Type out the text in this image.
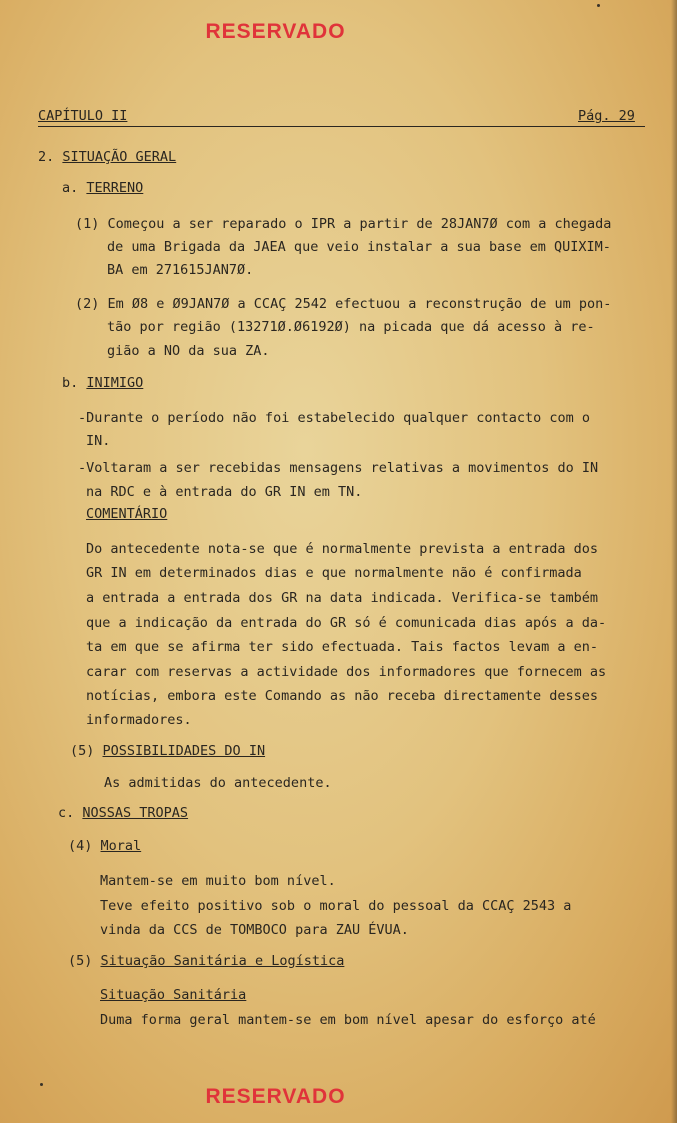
RESERVADO
CAPÍTULO II	Pág. 29
2. SITUAÇÃO GERAL
a. TERRENO
(1) Começou a ser reparado o IPR a partir de 28JAN7Ø com a chegada
de uma Brigada da JAEA que veio instalar a sua base em QUIXIM-
BA em 271615JAN7Ø.
(2) Em Ø8 e Ø9JAN7Ø a CCAÇ 2542 efectuou a reconstrução de um pon-
tão por região (13271Ø.Ø6192Ø) na picada que dá acesso à re-
gião a NO da sua ZA.
b. INIMIGO
-Durante o período não foi estabelecido qualquer contacto com o
IN.
-Voltaram a ser recebidas mensagens relativas a movimentos do IN
na RDC e à entrada do GR IN em TN.
COMENTÁRIO
Do antecedente nota-se que é normalmente prevista a entrada dos
GR IN em determinados dias e que normalmente não é confirmada
a entrada a entrada dos GR na data indicada. Verifica-se também
que a indicação da entrada do GR só é comunicada dias após a da-
ta em que se afirma ter sido efectuada. Tais factos levam a en-
carar com reservas a actividade dos informadores que fornecem as
notícias, embora este Comando as não receba directamente desses
informadores.
(5) POSSIBILIDADES DO IN
As admitidas do antecedente.
c. NOSSAS TROPAS
(4) Moral
Mantem-se em muito bom nível.
Teve efeito positivo sob o moral do pessoal da CCAÇ 2543 a
vinda da CCS de TOMBOCO para ZAU ÉVUA.
(5) Situação Sanitária e Logística
Situação Sanitária
Duma forma geral mantem-se em bom nível apesar do esforço até
RESERVADO
